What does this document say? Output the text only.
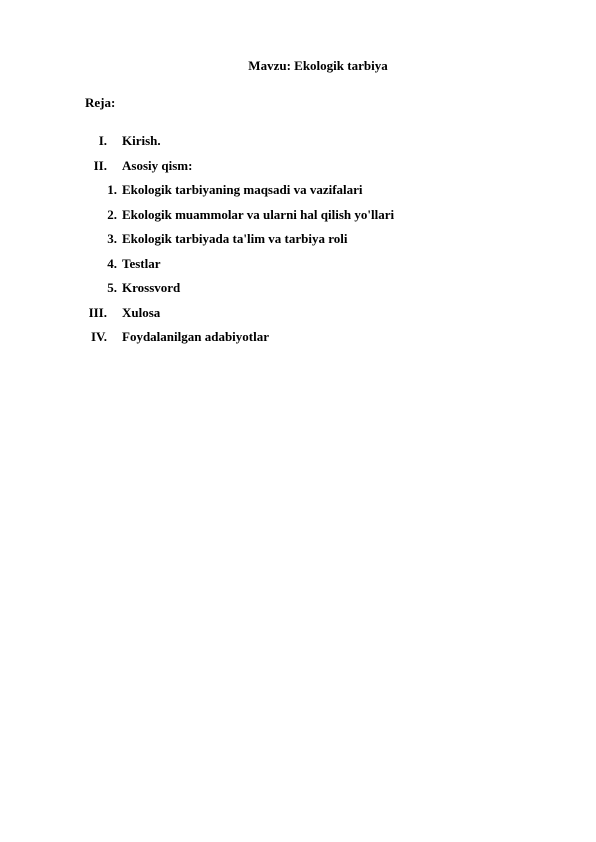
Mavzu: Ekologik tarbiya
Reja:
I. Kirish.
II. Asosiy qism:
1. Ekologik tarbiyaning maqsadi va vazifalari
2. Ekologik muammolar va ularni hal qilish yo'llari
3. Ekologik tarbiyada ta'lim va tarbiya roli
4. Testlar
5. Krossvord
III. Xulosa
IV. Foydalanilgan adabiyotlar
